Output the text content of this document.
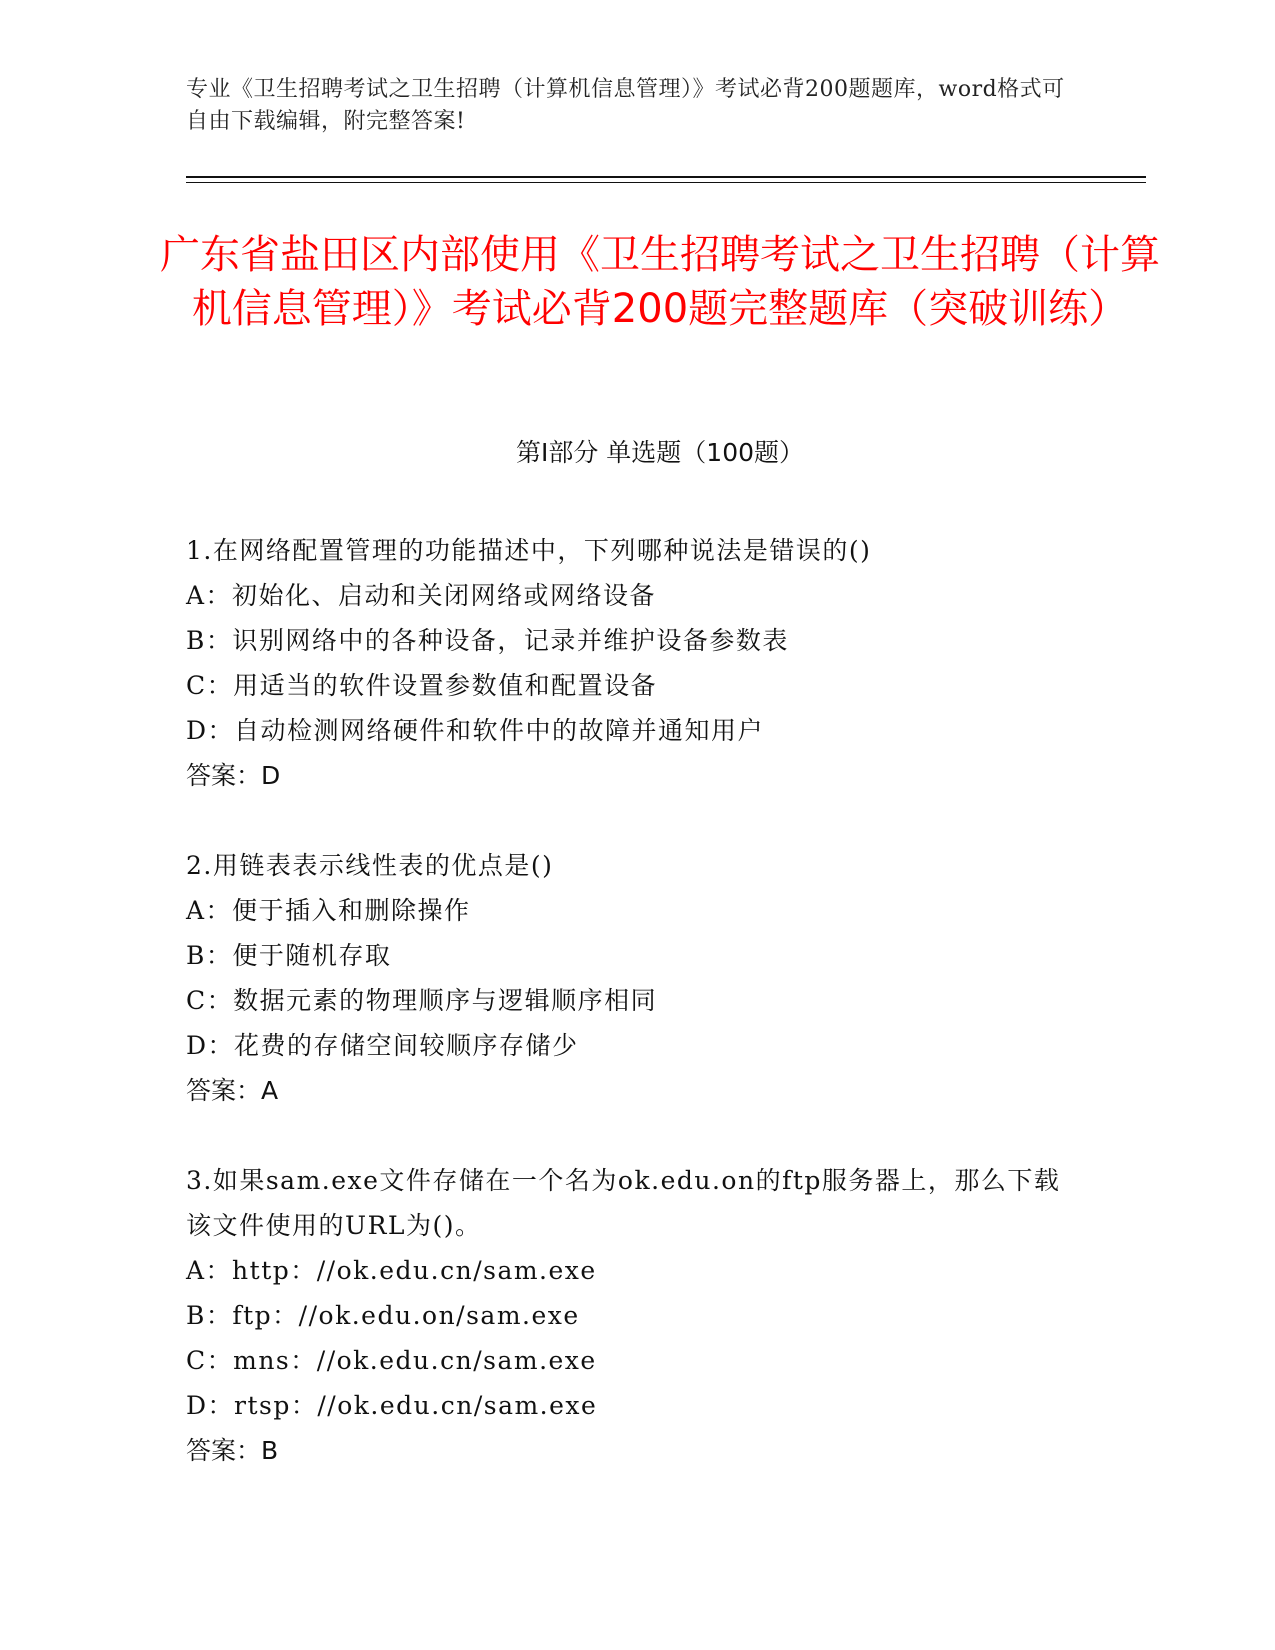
专业《卫生招聘考试之卫生招聘（计算机信息管理）》考试必背200题题库，word格式可自由下载编辑，附完整答案!
广东省盐田区内部使用《卫生招聘考试之卫生招聘（计算机信息管理）》考试必背200题完整题库（突破训练）
第I部分 单选题（100题）
1.在网络配置管理的功能描述中，下列哪种说法是错误的()
A：初始化、启动和关闭网络或网络设备
B：识别网络中的各种设备，记录并维护设备参数表
C：用适当的软件设置参数值和配置设备
D：自动检测网络硬件和软件中的故障并通知用户
答案：D
2.用链表表示线性表的优点是()
A：便于插入和删除操作
B：便于随机存取
C：数据元素的物理顺序与逻辑顺序相同
D：花费的存储空间较顺序存储少
答案：A
3.如果sam.exe文件存储在一个名为ok.edu.on的ftp服务器上，那么下载该文件使用的URL为()。
A：http：//ok.edu.cn/sam.exe
B：ftp：//ok.edu.on/sam.exe
C：mns：//ok.edu.cn/sam.exe
D：rtsp：//ok.edu.cn/sam.exe
答案：B
